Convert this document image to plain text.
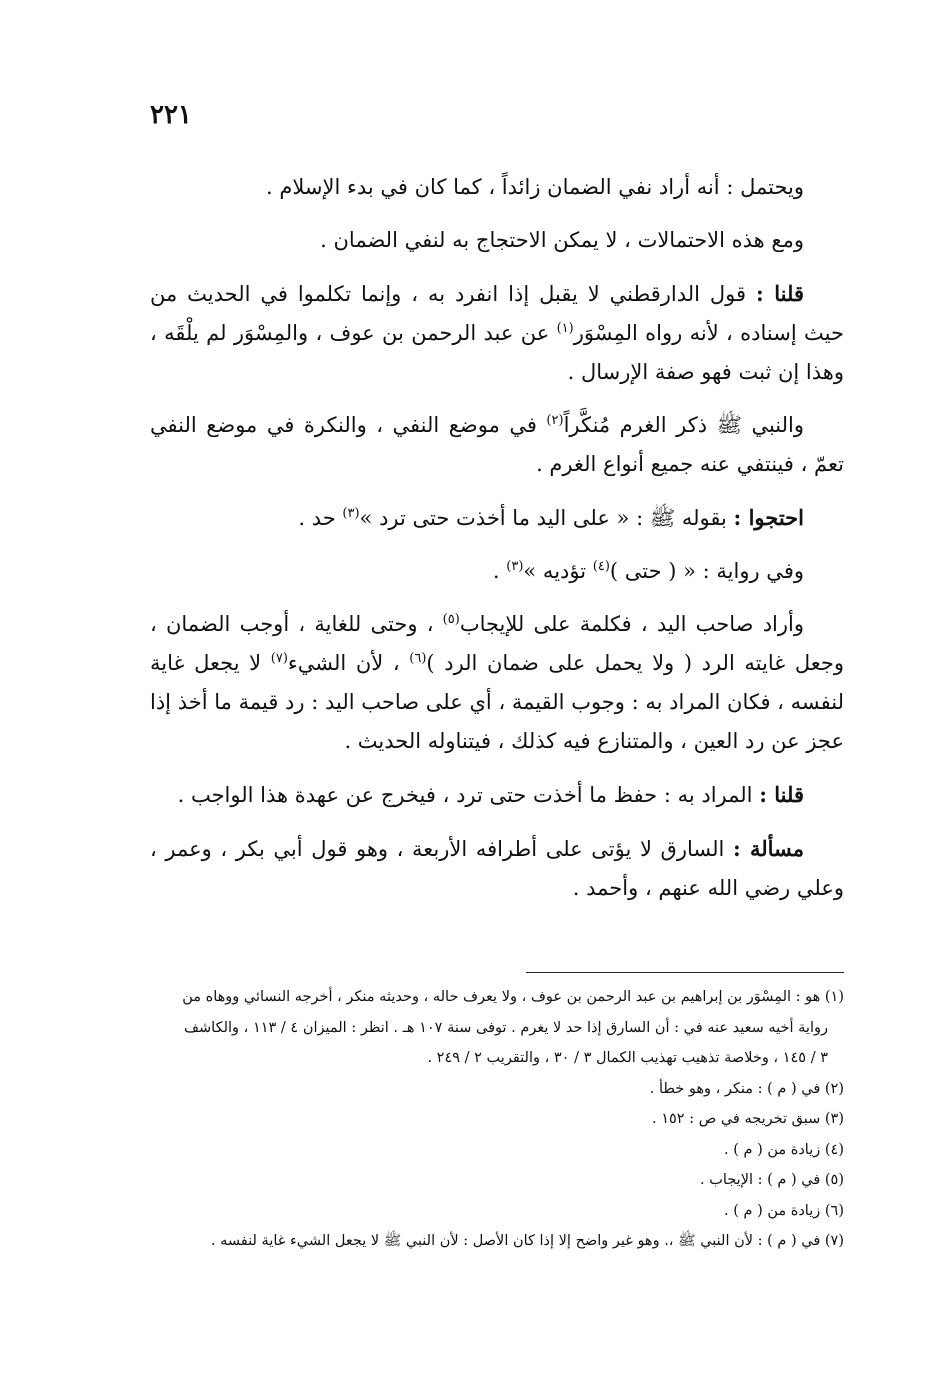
٢٢١

ويحتمل : أنه أراد نفي الضمان زائداً ، كما كان في بدء الإسلام .

ومع هذه الاحتمالات ، لا يمكن الاحتجاج به لنفي الضمان .

قلنا : قول الدارقطني لا يقبل إذا انفرد به ، وإنما تكلموا في الحديث من حيث إسناده ، لأنه رواه المِسْوَر$^{(١)}$ عن عبد الرحمن بن عوف ، والمِسْوَر لم يلْقَه ، وهذا إن ثبت فهو صفة الإرسال .

والنبي ﷺ ذكر الغرم مُنكَّراً$^{(٢)}$ في موضع النفي ، والنكرة في موضع النفي تعمّ ، فينتفي عنه جميع أنواع الغرم .

احتجوا : بقوله ﷺ : « على اليد ما أخذت حتى ترد »$^{(٣)}$ حد .

وفي رواية : « ( حتى )$^{(٤)}$ تؤديه »$^{(٣)}$ .

وأراد صاحب اليد ، فكلمة على للإيجاب$^{(٥)}$ ، وحتى للغاية ، أوجب الضمان ، وجعل غايته الرد ( ولا يحمل على ضمان الرد )$^{(٦)}$ ، لأن الشيء$^{(٧)}$ لا يجعل غاية لنفسه ، فكان المراد به : وجوب القيمة ، أي على صاحب اليد : رد قيمة ما أخذ إذا عجز عن رد العين ، والمتنازع فيه كذلك ، فيتناوله الحديث .

قلنا : المراد به : حفظ ما أخذت حتى ترد ، فيخرج عن عهدة هذا الواجب .

مسألة : السارق لا يؤتى على أطرافه الأربعة ، وهو قول أبي بكر ، وعمر ، وعلي رضي الله عنهم ، وأحمد .

(١) هو : المِسْوَر بن إبراهيم بن عبد الرحمن بن عوف ، ولا يعرف حاله ، وحديثه منكر ، أخرجه النسائي ووهاه من

رواية أخيه سعيد عنه في : أن السارق إذا حد لا يغرم . توفى سنة ١٠٧ هـ . انظر : الميزان ٤ / ١١٣ ، والكاشف

٣ / ١٤٥ ، وخلاصة تذهيب تهذيب الكمال ٣ / ٣٠ ، والتقريب ٢ / ٢٤٩ .

(٢) في ( م ) : منكر ، وهو خطأ .

(٣) سبق تخريجه في ص : ١٥٢ .

(٤) زيادة من ( م ) .

(٥) في ( م ) : الإيجاب .

(٦) زيادة من ( م ) .

(٧) في ( م ) : لأن النبي ﷺ ،. وهو غير واضح إلا إذا كان الأصل : لأن النبي ﷺ لا يجعل الشيء غاية لنفسه .
